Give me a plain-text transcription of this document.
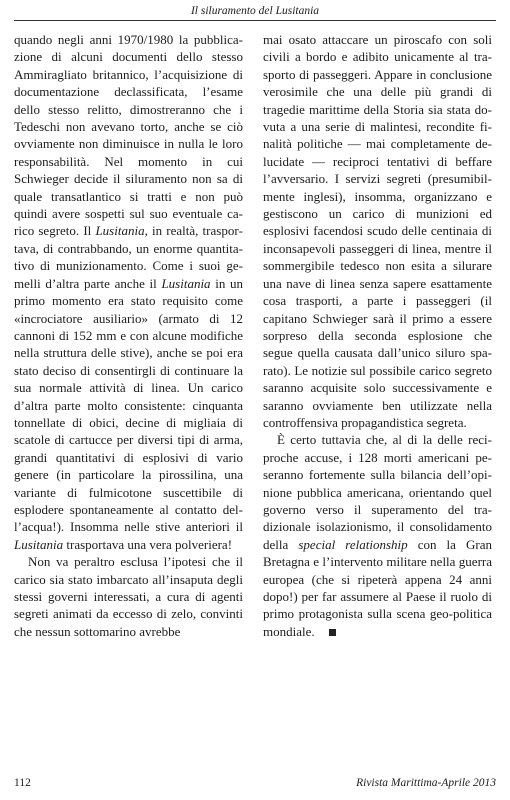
Il siluramento del Lusitania

quando negli anni 1970/1980 la pubblicazione di alcuni documenti dello stesso Ammiragliato britannico, l’acquisizione di documentazione declassificata, l’esame dello stesso relitto, dimostreranno che i Tedeschi non avevano torto, anche se ciò ovviamente non diminuisce in nulla le loro responsabilità. Nel momento in cui Schwieger decide il siluramento non sa di quale transatlantico si tratti e non può quindi avere sospetti sul suo eventuale carico segreto. Il Lusitania, in realtà, trasportava, di contrabbando, un enorme quantitativo di munizionamento. Come i suoi gemelli d’altra parte anche il Lusitania in un primo momento era stato requisito come «incrociatore ausiliario» (armato di 12 cannoni di 152 mm e con alcune modifiche nella struttura delle stive), anche se poi era stato deciso di consentirgli di continuare la sua normale attività di linea. Un carico d’altra parte molto consistente: cinquanta tonnellate di obici, decine di migliaia di scatole di cartucce per diversi tipi di arma, grandi quantitativi di esplosivi di vario genere (in particolare la pirossilina, una variante di fulmicotone suscettibile di esplodere spontaneamente al contatto dell’acqua!). Insomma nelle stive anteriori il Lusitania trasportava una vera polveriera!

Non va peraltro esclusa l’ipotesi che il carico sia stato imbarcato all’insaputa degli stessi governi interessati, a cura di agenti segreti animati da eccesso di zelo, convinti che nessun sottomarino avrebbe

mai osato attaccare un piroscafo con soli civili a bordo e adibito unicamente al trasporto di passeggeri. Appare in conclusione verosimile che una delle più grandi di tragedie marittime della Storia sia stata dovuta a una serie di malintesi, recondite finalità politiche — mai completamente delucidate — reciproci tentativi di beffare l’avversario. I servizi segreti (presumibilmente inglesi), insomma, organizzano e gestiscono un carico di munizioni ed esplosivi facendosi scudo delle centinaia di inconsapevoli passeggeri di linea, mentre il sommergibile tedesco non esita a silurare una nave di linea senza sapere esattamente cosa trasporti, a parte i passeggeri (il capitano Schwieger sarà il primo a essere sorpreso della seconda esplosione che segue quella causata dall’unico siluro sparato). Le notizie sul possibile carico segreto saranno acquisite solo successivamente e saranno ovviamente ben utilizzate nella controffensiva propagandistica segreta.

È certo tuttavia che, al di la delle reciproche accuse, i 128 morti americani peseranno fortemente sulla bilancia dell’opinione pubblica americana, orientando quel governo verso il superamento del tradizionale isolazionismo, il consolidamento della special relationship con la Gran Bretagna e l’intervento militare nella guerra europea (che si ripeterà appena 24 anni dopo!) per far assumere al Paese il ruolo di primo protagonista sulla scena geo-politica mondiale.

112	Rivista Marittima-Aprile 2013
